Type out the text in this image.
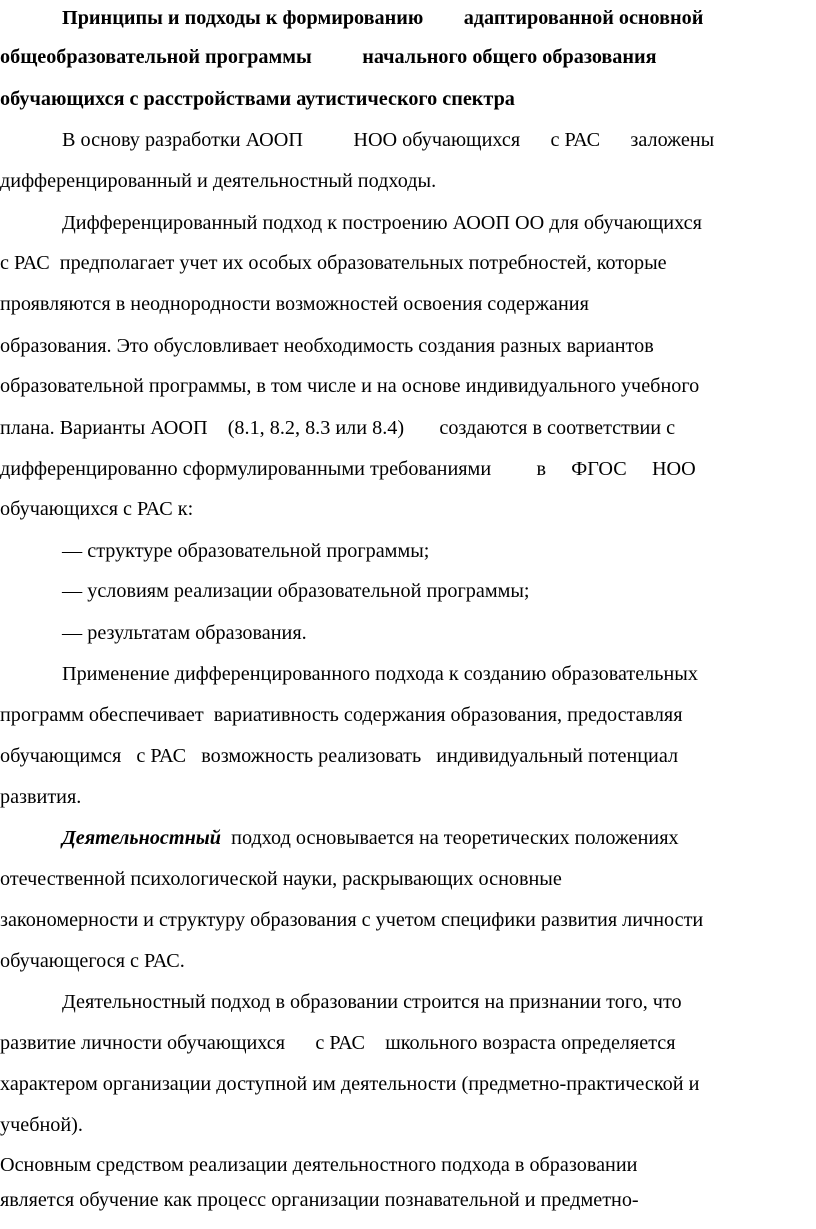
Принципы и подходы к формированию        адаптированной основной

общеобразовательной программы          начального общего образования

обучающихся с расстройствами аутистического спектра

В основу разработки АООП          НОО обучающихся      с РАС      заложены

дифференцированный и деятельностный подходы.

Дифференцированный подход к построению АООП ОО для обучающихся

с РАС  предполагает учет их особых образовательных потребностей, которые

проявляются в неоднородности возможностей освоения содержания

образования. Это обусловливает необходимость создания разных вариантов

образовательной программы, в том числе и на основе индивидуального учебного

плана. Варианты АООП    (8.1, 8.2, 8.3 или 8.4)       создаются в соответствии с

дифференцированно сформулированными требованиями         в     ФГОС     НОО

обучающихся с РАС к:

— структуре образовательной программы;

— условиям реализации образовательной программы;

— результатам образования.

Применение дифференцированного подхода к созданию образовательных

программ обеспечивает  вариативность содержания образования, предоставляя

обучающимся   с РАС   возможность реализовать   индивидуальный потенциал

развития.

Деятельностный  подход основывается на теоретических положениях

отечественной психологической науки, раскрывающих основные

закономерности и структуру образования с учетом специфики развития личности

обучающегося с РАС.

Деятельностный подход в образовании строится на признании того, что

развитие личности обучающихся      с РАС    школьного возраста определяется

характером организации доступной им деятельности (предметно-практической и

учебной).

Основным средством реализации деятельностного подхода в образовании

является обучение как процесс организации познавательной и предметно-
